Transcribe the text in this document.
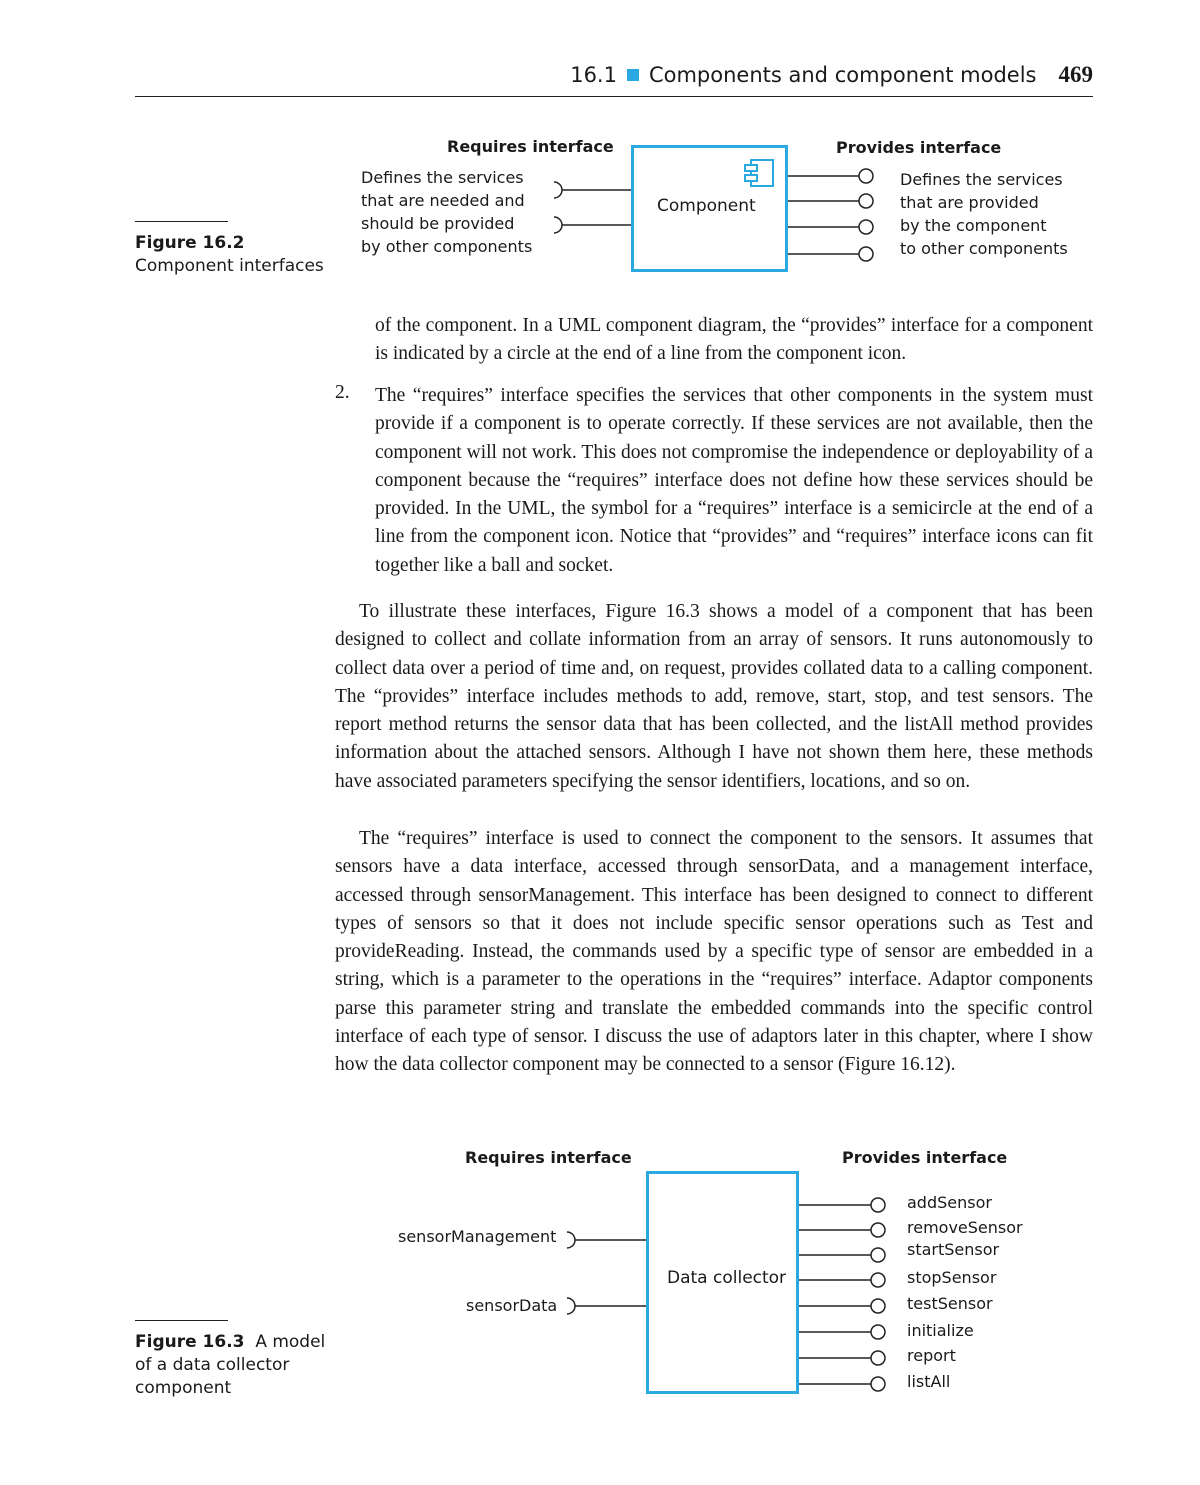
16.1 Components and component models 469
Figure 16.2   Component interfaces
Requires interface	Provides interface
Defines the services
that are needed and
should be provided
by other components
Defines the services
that are provided
by the component
to other components
Component

of the component. In a UML component diagram, the “provides” interface for a component is indicated by a circle at the end of a line from the component icon.

2. The “requires” interface specifies the services that other components in the system must provide if a component is to operate correctly. If these services are not available, then the component will not work. This does not compromise the independence or deployability of a component because the “requires” interface does not define how these services should be provided. In the UML, the symbol for a “requires” interface is a semicircle at the end of a line from the component icon. Notice that “provides” and “requires” interface icons can fit together like a ball and socket.

To illustrate these interfaces, Figure 16.3 shows a model of a component that has been designed to collect and collate information from an array of sensors. It runs autonomously to collect data over a period of time and, on request, provides collated data to a calling component. The “provides” interface includes methods to add, remove, start, stop, and test sensors. The report method returns the sensor data that has been collected, and the listAll method provides information about the attached sensors. Although I have not shown them here, these methods have associated parameters specifying the sensor identifiers, locations, and so on.

The “requires” interface is used to connect the component to the sensors. It assumes that sensors have a data interface, accessed through sensorData, and a management interface, accessed through sensorManagement. This interface has been designed to connect to different types of sensors so that it does not include specific sensor operations such as Test and provideReading. Instead, the commands used by a specific type of sensor are embedded in a string, which is a parameter to the operations in the “requires” interface. Adaptor components parse this parameter string and translate the embedded commands into the specific control interface of each type of sensor. I discuss the use of adaptors later in this chapter, where I show how the data collector component may be connected to a sensor (Figure 16.12).

Figure 16.3 A model of a data collector component
Requires interface	Provides interface
sensorManagement
sensorData
Data collector
addSensor
removeSensor
startSensor
stopSensor
testSensor
initialize
report
listAll
